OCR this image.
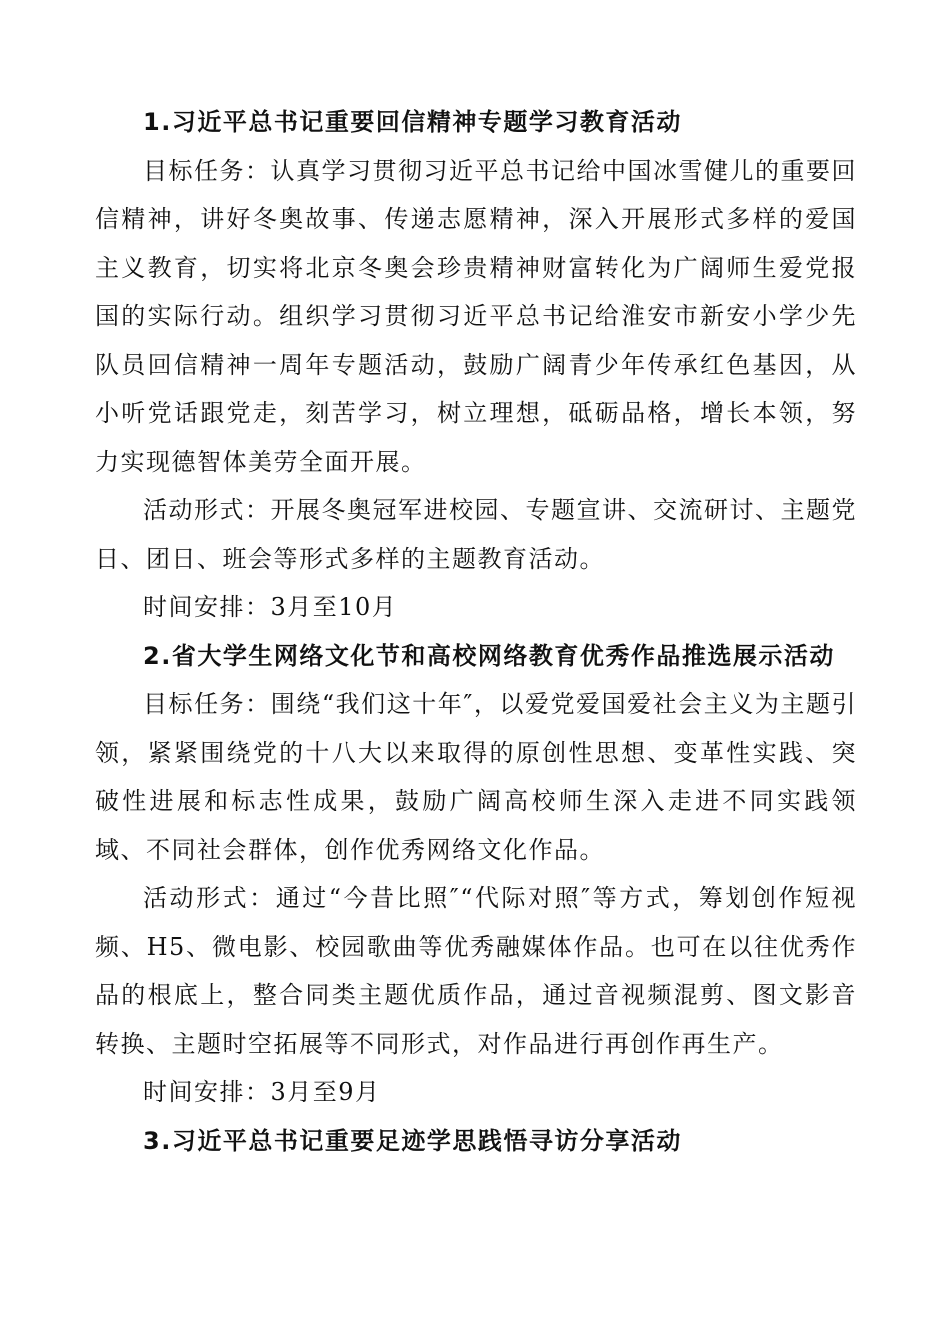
1.习近平总书记重要回信精神专题学习教育活动

目标任务：认真学习贯彻习近平总书记给中国冰雪健儿的重要回信精神，讲好冬奥故事、传递志愿精神，深入开展形式多样的爱国主义教育，切实将北京冬奥会珍贵精神财富转化为广阔师生爱党报国的实际行动。组织学习贯彻习近平总书记给淮安市新安小学少先队员回信精神一周年专题活动，鼓励广阔青少年传承红色基因，从小听党话跟党走，刻苦学习，树立理想，砥砺品格，增长本领，努力实现德智体美劳全面开展。

活动形式：开展冬奥冠军进校园、专题宣讲、交流研讨、主题党日、团日、班会等形式多样的主题教育活动。

时间安排：3月至10月

2.省大学生网络文化节和高校网络教育优秀作品推选展示活动

目标任务：围绕“我们这十年″，以爱党爱国爱社会主义为主题引领，紧紧围绕党的十八大以来取得的原创性思想、变革性实践、突破性进展和标志性成果，鼓励广阔高校师生深入走进不同实践领域、不同社会群体，创作优秀网络文化作品。

活动形式：通过“今昔比照″“代际对照″等方式，筹划创作短视频、H5、微电影、校园歌曲等优秀融媒体作品。也可在以往优秀作品的根底上，整合同类主题优质作品，通过音视频混剪、图文影音转换、主题时空拓展等不同形式，对作品进行再创作再生产。

时间安排：3月至9月

3.习近平总书记重要足迹学思践悟寻访分享活动
